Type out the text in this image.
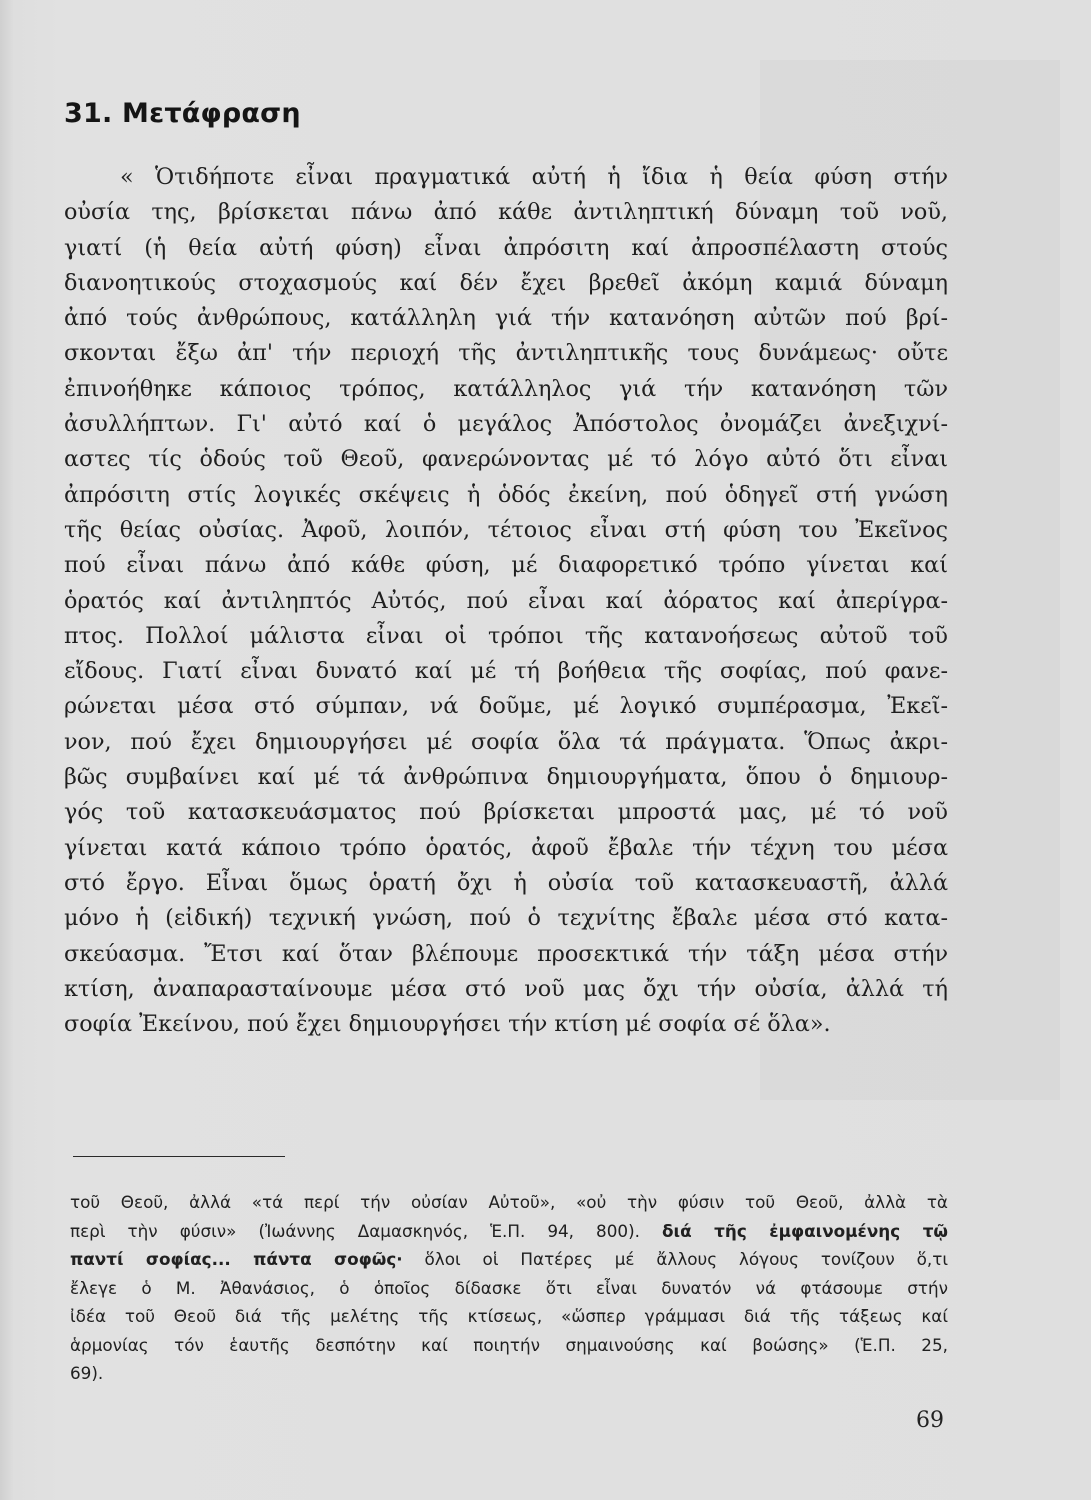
31. Μετάφραση
« Ὁτιδήποτε εἶναι πραγματικά αὐτή ἡ ἴδια ἡ θεία φύση στήν
οὐσία της, βρίσκεται πάνω ἀπό κάθε ἀντιληπτική δύναμη τοῦ νοῦ,
γιατί (ἡ θεία αὐτή φύση) εἶναι ἀπρόσιτη καί ἀπροσπέλαστη στούς
διανοητικούς στοχασμούς καί δέν ἔχει βρεθεῖ ἀκόμη καμιά δύναμη
ἀπό τούς ἀνθρώπους, κατάλληλη γιά τήν κατανόηση αὐτῶν πού βρί-
σκονται ἔξω ἀπ' τήν περιοχή τῆς ἀντιληπτικῆς τους δυνάμεως· οὔτε
ἐπινοήθηκε κάποιος τρόπος, κατάλληλος γιά τήν κατανόηση τῶν
ἀσυλλήπτων. Γι' αὐτό καί ὁ μεγάλος Ἀπόστολος ὀνομάζει ἀνεξιχνί-
αστες τίς ὁδούς τοῦ Θεοῦ, φανερώνοντας μέ τό λόγο αὐτό ὅτι εἶναι
ἀπρόσιτη στίς λογικές σκέψεις ἡ ὁδός ἐκείνη, πού ὁδηγεῖ στή γνώση
τῆς θείας οὐσίας. Ἀφοῦ, λοιπόν, τέτοιος εἶναι στή φύση του Ἐκεῖνος
πού εἶναι πάνω ἀπό κάθε φύση, μέ διαφορετικό τρόπο γίνεται καί
ὁρατός καί ἀντιληπτός Αὐτός, πού εἶναι καί ἀόρατος καί ἀπερίγρα-
πτος. Πολλοί μάλιστα εἶναι οἱ τρόποι τῆς κατανοήσεως αὐτοῦ τοῦ
εἴδους. Γιατί εἶναι δυνατό καί μέ τή βοήθεια τῆς σοφίας, πού φανε-
ρώνεται μέσα στό σύμπαν, νά δοῦμε, μέ λογικό συμπέρασμα, Ἐκεῖ-
νον, πού ἔχει δημιουργήσει μέ σοφία ὅλα τά πράγματα. Ὅπως ἀκρι-
βῶς συμβαίνει καί μέ τά ἀνθρώπινα δημιουργήματα, ὅπου ὁ δημιουρ-
γός τοῦ κατασκευάσματος πού βρίσκεται μπροστά μας, μέ τό νοῦ
γίνεται κατά κάποιο τρόπο ὁρατός, ἀφοῦ ἔβαλε τήν τέχνη του μέσα
στό ἔργο. Εἶναι ὅμως ὁρατή ὄχι ἡ οὐσία τοῦ κατασκευαστῆ, ἀλλά
μόνο ἡ (εἰδική) τεχνική γνώση, πού ὁ τεχνίτης ἔβαλε μέσα στό κατα-
σκεύασμα. Ἔτσι καί ὅταν βλέπουμε προσεκτικά τήν τάξη μέσα στήν
κτίση, ἀναπαρασταίνουμε μέσα στό νοῦ μας ὄχι τήν οὐσία, ἀλλά τή
σοφία Ἐκείνου, πού ἔχει δημιουργήσει τήν κτίση μέ σοφία σέ ὅλα».
τοῦ Θεοῦ, ἀλλά «τά περί τήν οὐσίαν Αὐτοῦ», «οὐ τὴν φύσιν τοῦ Θεοῦ, ἀλλὰ τὰ
περὶ τὴν φύσιν» (Ἰωάννης Δαμασκηνός, Ἑ.Π. 94, 800). διά τῆς ἐμφαινομένης τῷ
παντί σοφίας... πάντα σοφῶς· ὅλοι οἱ Πατέρες μέ ἄλλους λόγους τονίζουν ὅ,τι
ἔλεγε ὁ Μ. Ἀθανάσιος, ὁ ὁποῖος δίδασκε ὅτι εἶναι δυνατόν νά φτάσουμε στήν
ἰδέα τοῦ Θεοῦ διά τῆς μελέτης τῆς κτίσεως, «ὥσπερ γράμμασι διά τῆς τάξεως καί
ἁρμονίας τόν ἑαυτῆς δεσπότην καί ποιητήν σημαινούσης καί βοώσης» (Ἑ.Π. 25,
69).
69
